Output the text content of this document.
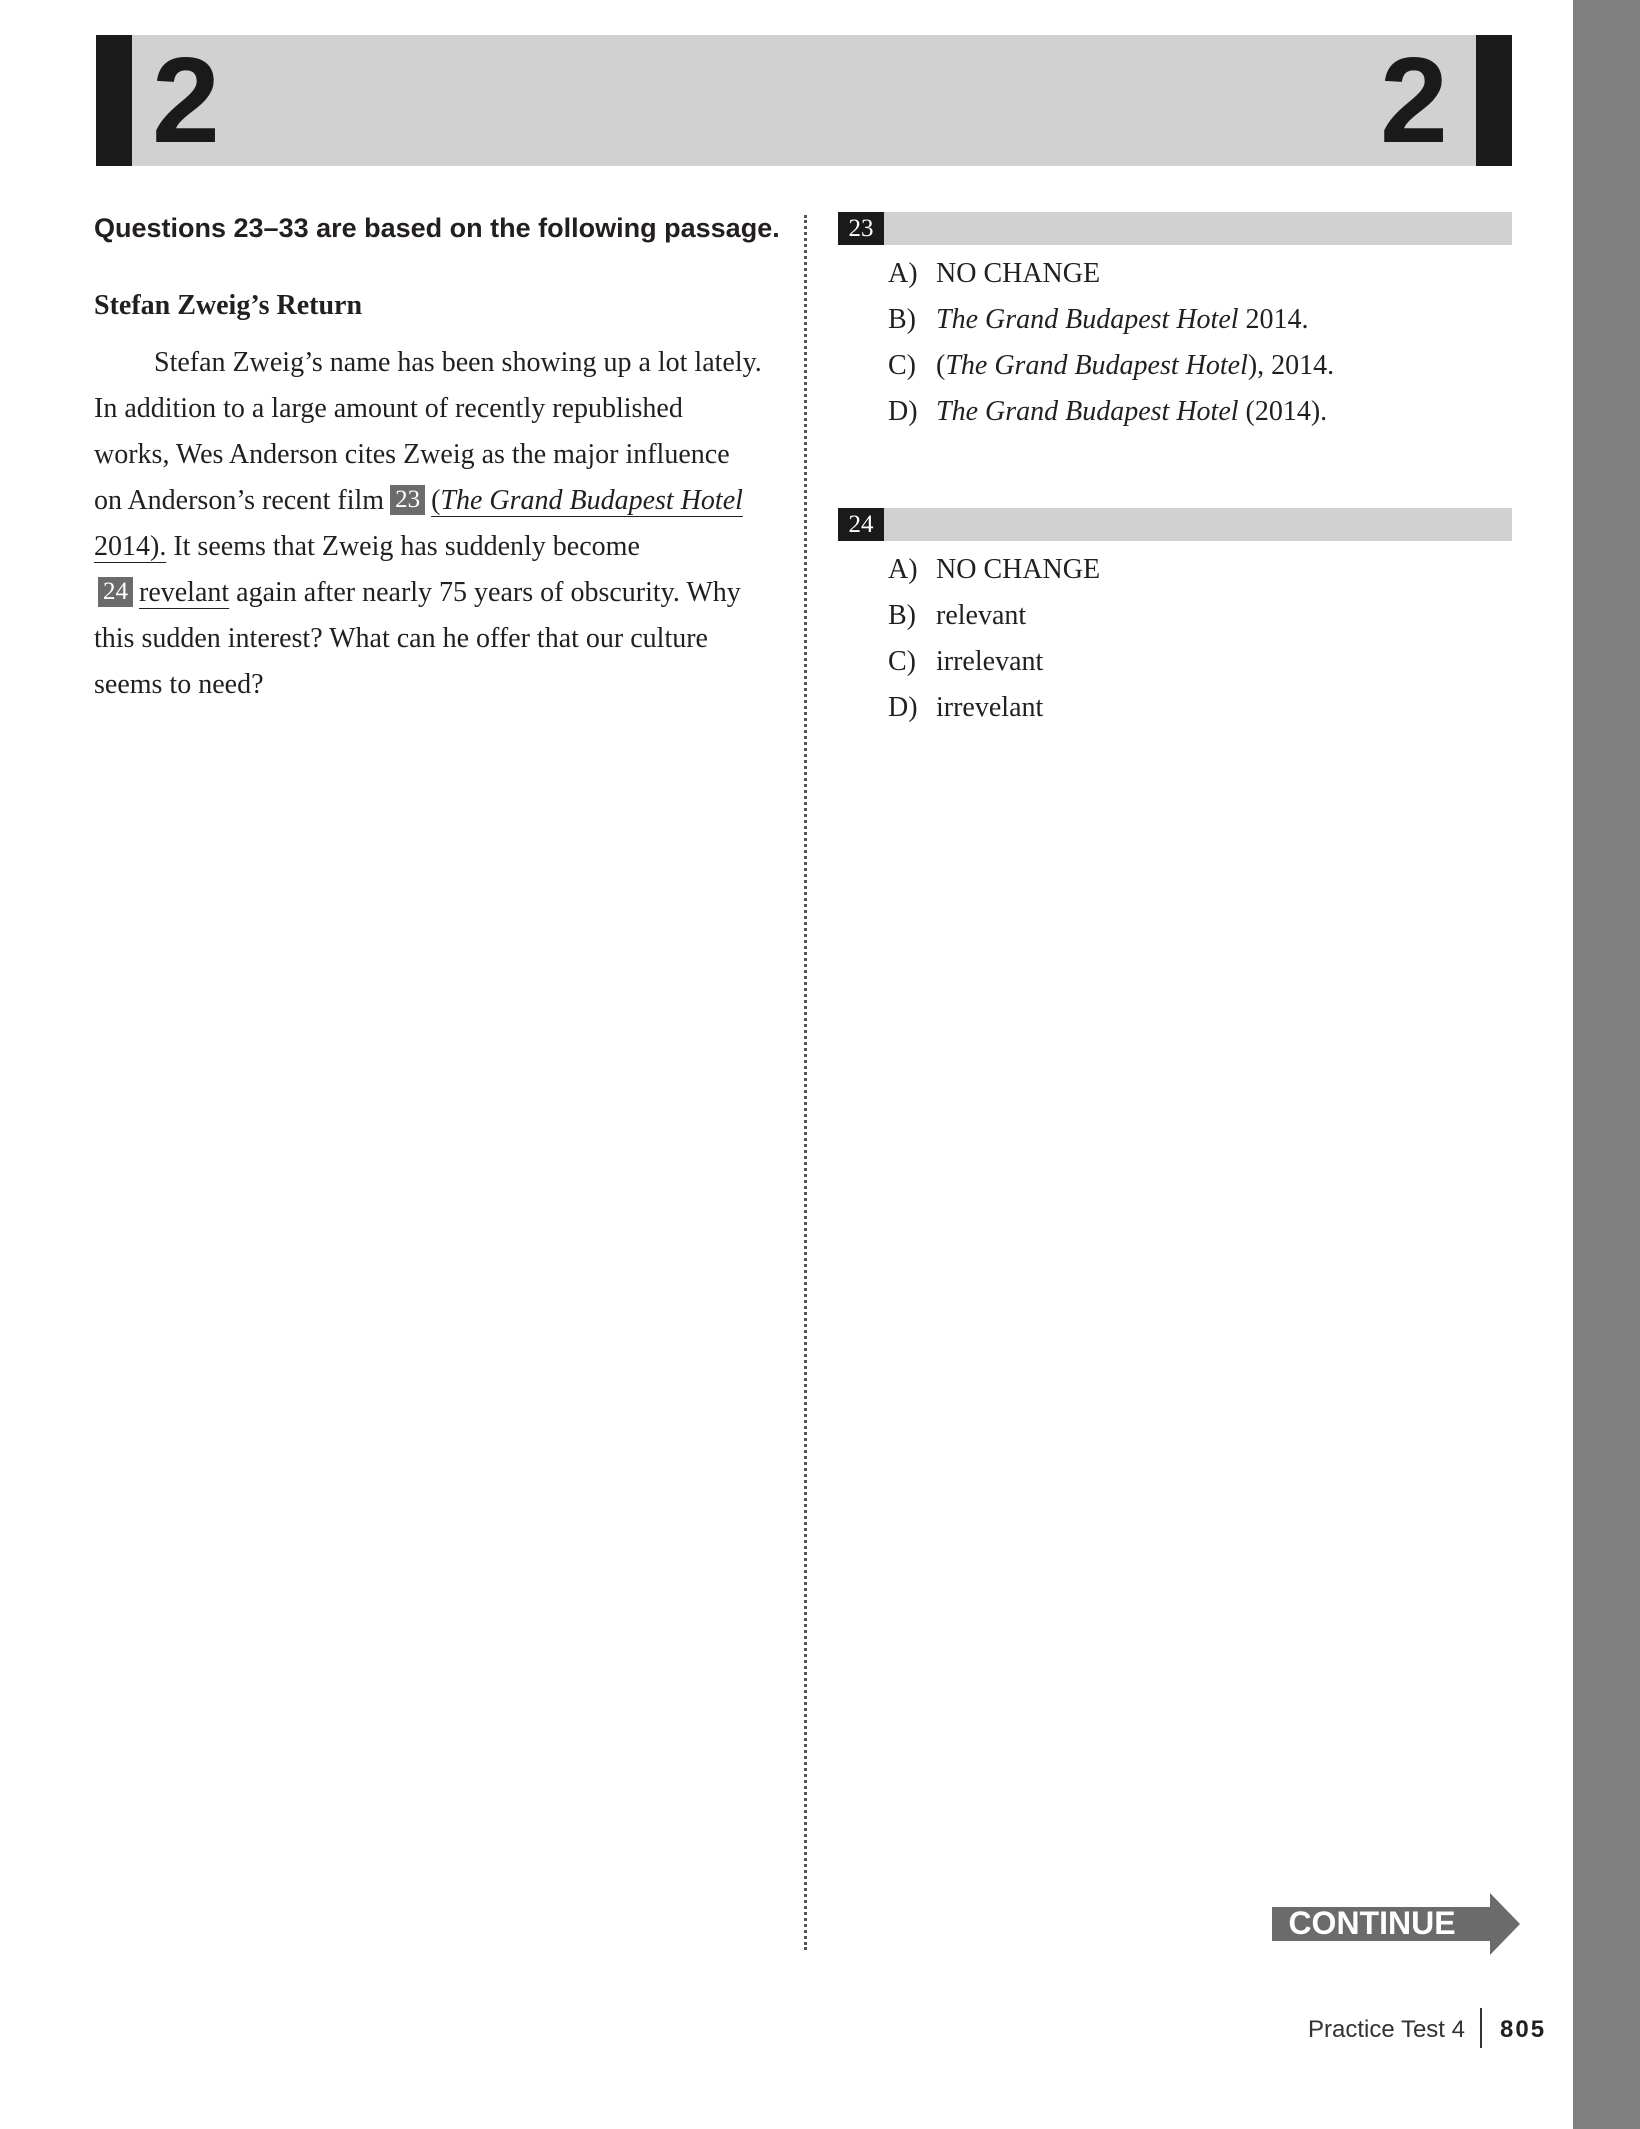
2	2

Questions 23–33 are based on the following passage.

Stefan Zweig’s Return

Stefan Zweig’s name has been showing up a lot lately.
In addition to a large amount of recently republished
works, Wes Anderson cites Zweig as the major influence
on Anderson’s recent film 23 (The Grand Budapest Hotel
2014). It seems that Zweig has suddenly become
24 revelant again after nearly 75 years of obscurity. Why
this sudden interest? What can he offer that our culture
seems to need?
23
A) NO CHANGE
B) The Grand Budapest Hotel 2014.
C) (The Grand Budapest Hotel), 2014.
D) The Grand Budapest Hotel (2014).
24
A) NO CHANGE
B) relevant
C) irrelevant
D) irrevelant
CONTINUE
Practice Test 4 805
